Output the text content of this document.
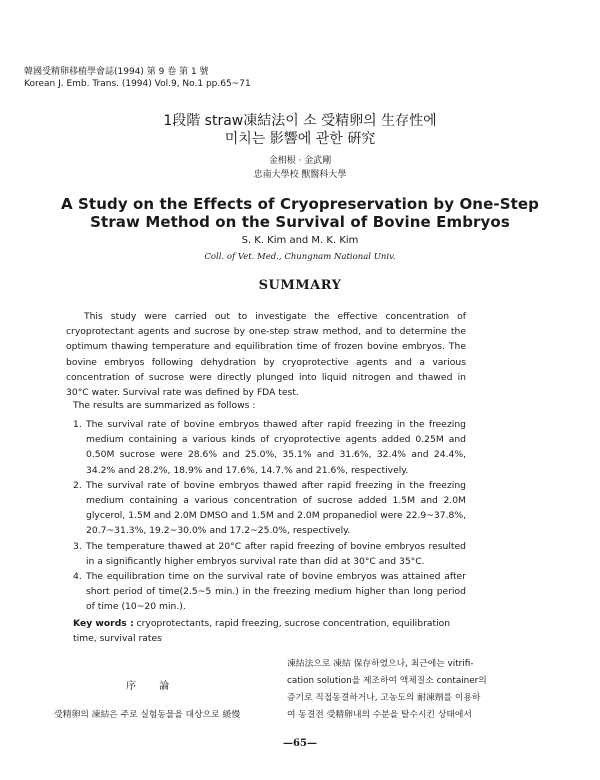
韓國受精卵移植學會誌(1994) 第 9 卷 第 1 號
Korean J. Emb. Trans. (1994) Vol.9, No.1 pp.65~71
1段階 straw凍結法이 소 受精卵의 生存性에
미치는 影響에 관한 硏究
金相根 · 金武剛
忠南大學校 獸醫科大學
A Study on the Effects of Cryopreservation by One-Step
Straw Method on the Survival of Bovine Embryos
S. K. Kim and M. K. Kim
Coll. of Vet. Med., Chungnam National Univ.
SUMMARY

This study were carried out to investigate the effective concentration of cryoprotectant agents and sucrose by one-step straw method, and to determine the optimum thawing temperature and equilibration time of frozen bovine embryos. The bovine embryos following dehydration by cryoprotective agents and a various concentration of sucrose were directly plunged into liquid nitrogen and thawed in 30°C water. Survival rate was defined by FDA test.

The results are summarized as follows :
1. The survival rate of bovine embryos thawed after rapid freezing in the freezing medium containing a various kinds of cryoprotective agents added 0.25M and 0.50M sucrose were 28.6% and 25.0%, 35.1% and 31.6%, 32.4% and 24.4%, 34.2% and 28.2%, 18.9% and 17.6%, 14.7.% and 21.6%, respectively.
2. The survival rate of bovine embryos thawed after rapid freezing in the freezing medium containing a various concentration of sucrose added 1.5M and 2.0M glycerol, 1.5M and 2.0M DMSO and 1.5M and 2.0M propanediol were 22.9~37.8%, 20.7~31.3%, 19.2~30.0% and 17.2~25.0%, respectively.
3. The temperature thawed at 20°C after rapid freezing of bovine embryos resulted in a significantly higher embryos survival rate than did at 30°C and 35°C.
4. The equilibration time on the survival rate of bovine embryos was attained after short period of time(2.5~5 min.) in the freezing medium higher than long period of time (10~20 min.).
Key words : cryoprotectants, rapid freezing, sucrose concentration, equilibration time, survival rates
序 論
受精卵의 凍結은 주로 실험동물을 대상으로 緩慢
凍結法으로 凍結 保存하였으나, 최근에는 vitrifi-
cation solution을 제조하여 액체질소 container의
증기로 직접동결하거나, 고농도의 耐凍劑를 이용하
여 동결전 受精卵내의 수분을 탈수시킨 상태에서
—65—
